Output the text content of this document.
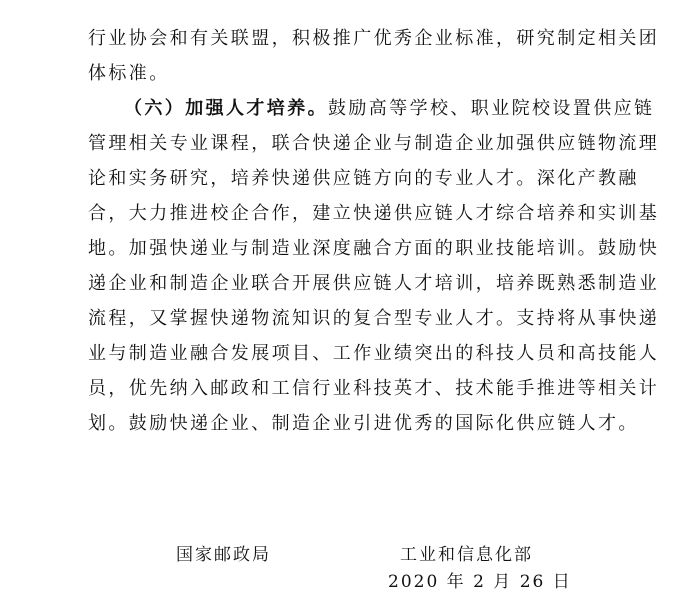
行业协会和有关联盟，积极推广优秀企业标准，研究制定相关团
体标准。
（六）加强人才培养。鼓励高等学校、职业院校设置供应链
管理相关专业课程，联合快递企业与制造企业加强供应链物流理
论和实务研究，培养快递供应链方向的专业人才。深化产教融
合，大力推进校企合作，建立快递供应链人才综合培养和实训基
地。加强快递业与制造业深度融合方面的职业技能培训。鼓励快
递企业和制造企业联合开展供应链人才培训，培养既熟悉制造业
流程，又掌握快递物流知识的复合型专业人才。支持将从事快递
业与制造业融合发展项目、工作业绩突出的科技人员和高技能人
员，优先纳入邮政和工信行业科技英才、技术能手推进等相关计
划。鼓励快递企业、制造企业引进优秀的国际化供应链人才。
国家邮政局	工业和信息化部
2020 年 2 月 26 日
